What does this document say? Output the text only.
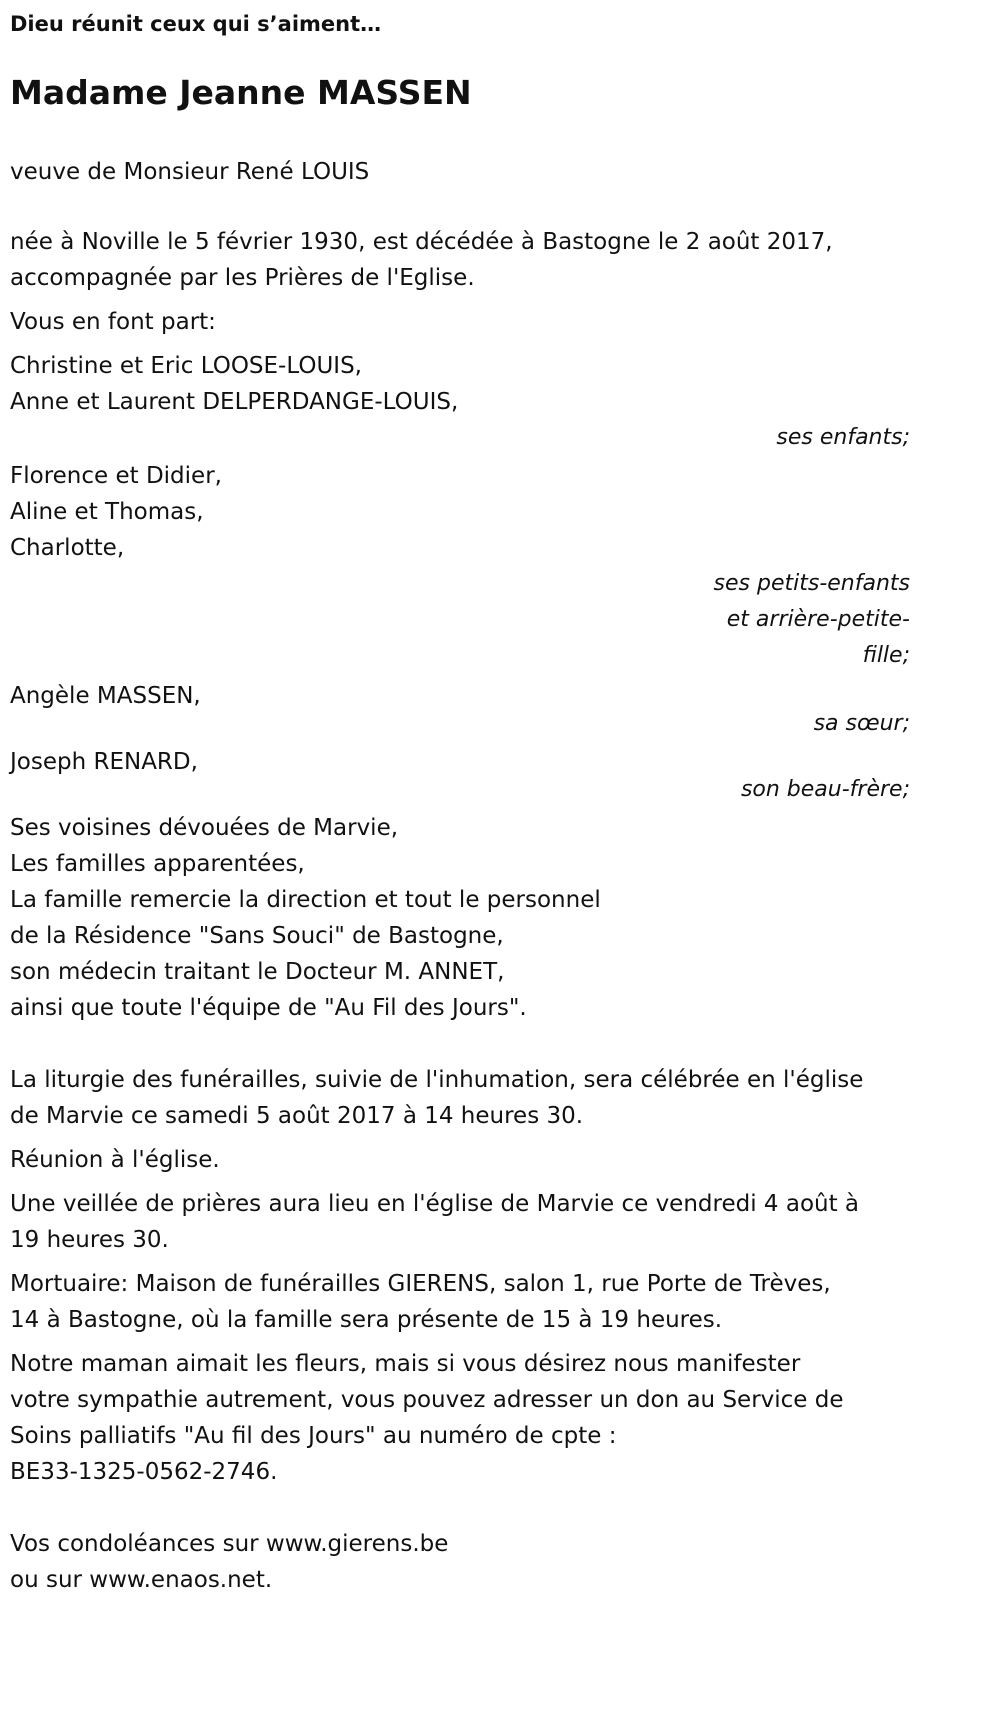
Dieu réunit ceux qui s’aiment…

Madame Jeanne MASSEN

veuve de Monsieur René LOUIS

née à Noville le 5 février 1930, est décédée à Bastogne le 2 août 2017,
accompagnée par les Prières de l'Eglise.

Vous en font part:

Christine et Eric LOOSE-LOUIS,
Anne et Laurent DELPERDANGE-LOUIS,
ses enfants;
Florence et Didier,
Aline et Thomas,
Charlotte,
ses petits-enfants
et arrière-petite-
fille;
Angèle MASSEN,
sa sœur;
Joseph RENARD,
son beau-frère;
Ses voisines dévouées de Marvie,
Les familles apparentées,
La famille remercie la direction et tout le personnel
de la Résidence "Sans Souci" de Bastogne,
son médecin traitant le Docteur M. ANNET,
ainsi que toute l'équipe de "Au Fil des Jours".
La liturgie des funérailles, suivie de l'inhumation, sera célébrée en l'église
de Marvie ce samedi 5 août 2017 à 14 heures 30.

Réunion à l'église.

Une veillée de prières aura lieu en l'église de Marvie ce vendredi 4 août à
19 heures 30.
Mortuaire: Maison de funérailles GIERENS, salon 1, rue Porte de Trèves,
14 à Bastogne, où la famille sera présente de 15 à 19 heures.
Notre maman aimait les fleurs, mais si vous désirez nous manifester
votre sympathie autrement, vous pouvez adresser un don au Service de
Soins palliatifs "Au fil des Jours" au numéro de cpte :
BE33-1325-0562-2746.
Vos condoléances sur www.gierens.be
ou sur www.enaos.net.
